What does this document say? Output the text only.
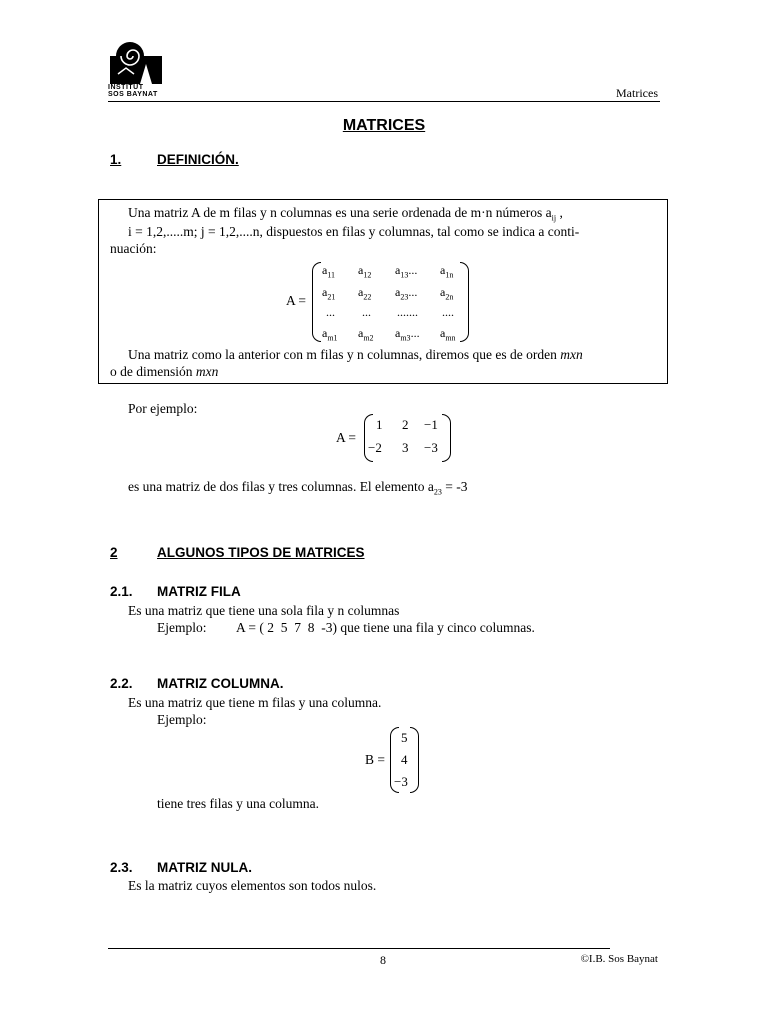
INSTITUT
SOS BAYNAT	Matrices
MATRICES
1.	DEFINICIÓN.
Una matriz A de m filas y n columnas es una serie ordenada de m·n números $a_{ij}$ ,
i = 1,2,.....m; j = 1,2,....n, dispuestos en filas y columnas, tal como se indica a conti-
nuación:
A =
$a_{11}$ $a_{12}$ $a_{13}$... $a_{1n}$
$a_{21}$ $a_{22}$ $a_{23}$... $a_{2n}$
... ... ....... ....
$a_{m1}$ $a_{m2}$ $a_{m3}$... $a_{mn}$
Una matriz como la anterior con m filas y n columnas, diremos que es de orden mxn
o de dimensión mxn
Por ejemplo:
A =
1 2 −1
−2 3 −3
es una matriz de dos filas y tres columnas. El elemento $a_{23} = -3$
2	ALGUNOS TIPOS DE MATRICES
2.1. MATRIZ FILA
Es una matriz que tiene una sola fila y n columnas
Ejemplo: A = ( 2  5  7  8  -3) que tiene una fila y cinco columnas.
2.2. MATRIZ COLUMNA.
Es una matriz que tiene m filas y una columna.
Ejemplo:
B =
5
4
−3
tiene tres filas y una columna.
2.3. MATRIZ NULA.
Es la matriz cuyos elementos son todos nulos.
8	©I.B. Sos Baynat
